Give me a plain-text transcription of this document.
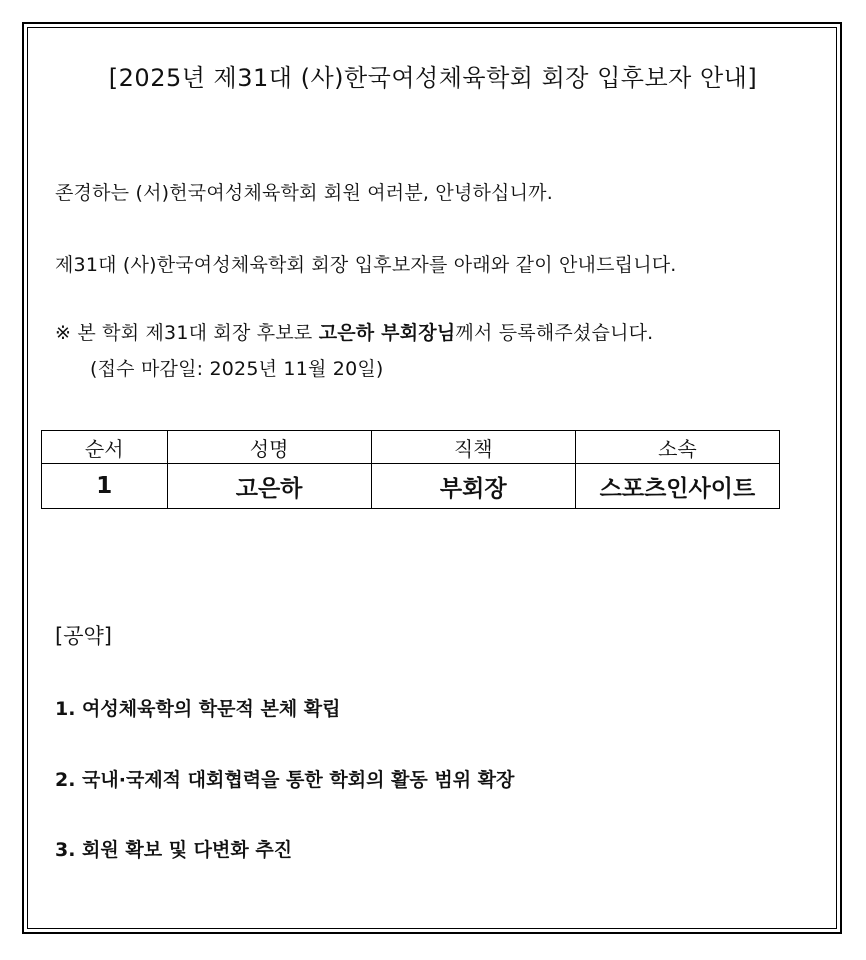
[2025년 제31대 (사)한국여성체육학회 회장 입후보자 안내]
존경하는 (서)헌국여성체육학회 회원 여러분, 안녕하십니까.
제31대 (사)한국여성체육학회 회장 입후보자를 아래와 같이 안내드립니다.
※ 본 학회 제31대 회장 후보로 고은하 부회장님께서 등록해주셨습니다.
(접수 마감일: 2025년 11월 20일)
순서	성명	직책	소속
1	고은하	부회장	스포츠인사이트
[공약]
1. 여성체육학의 학문적 본체 확립
2. 국내·국제적 대회협력을 통한 학회의 활동 범위 확장
3. 회원 확보 및 다변화 추진
